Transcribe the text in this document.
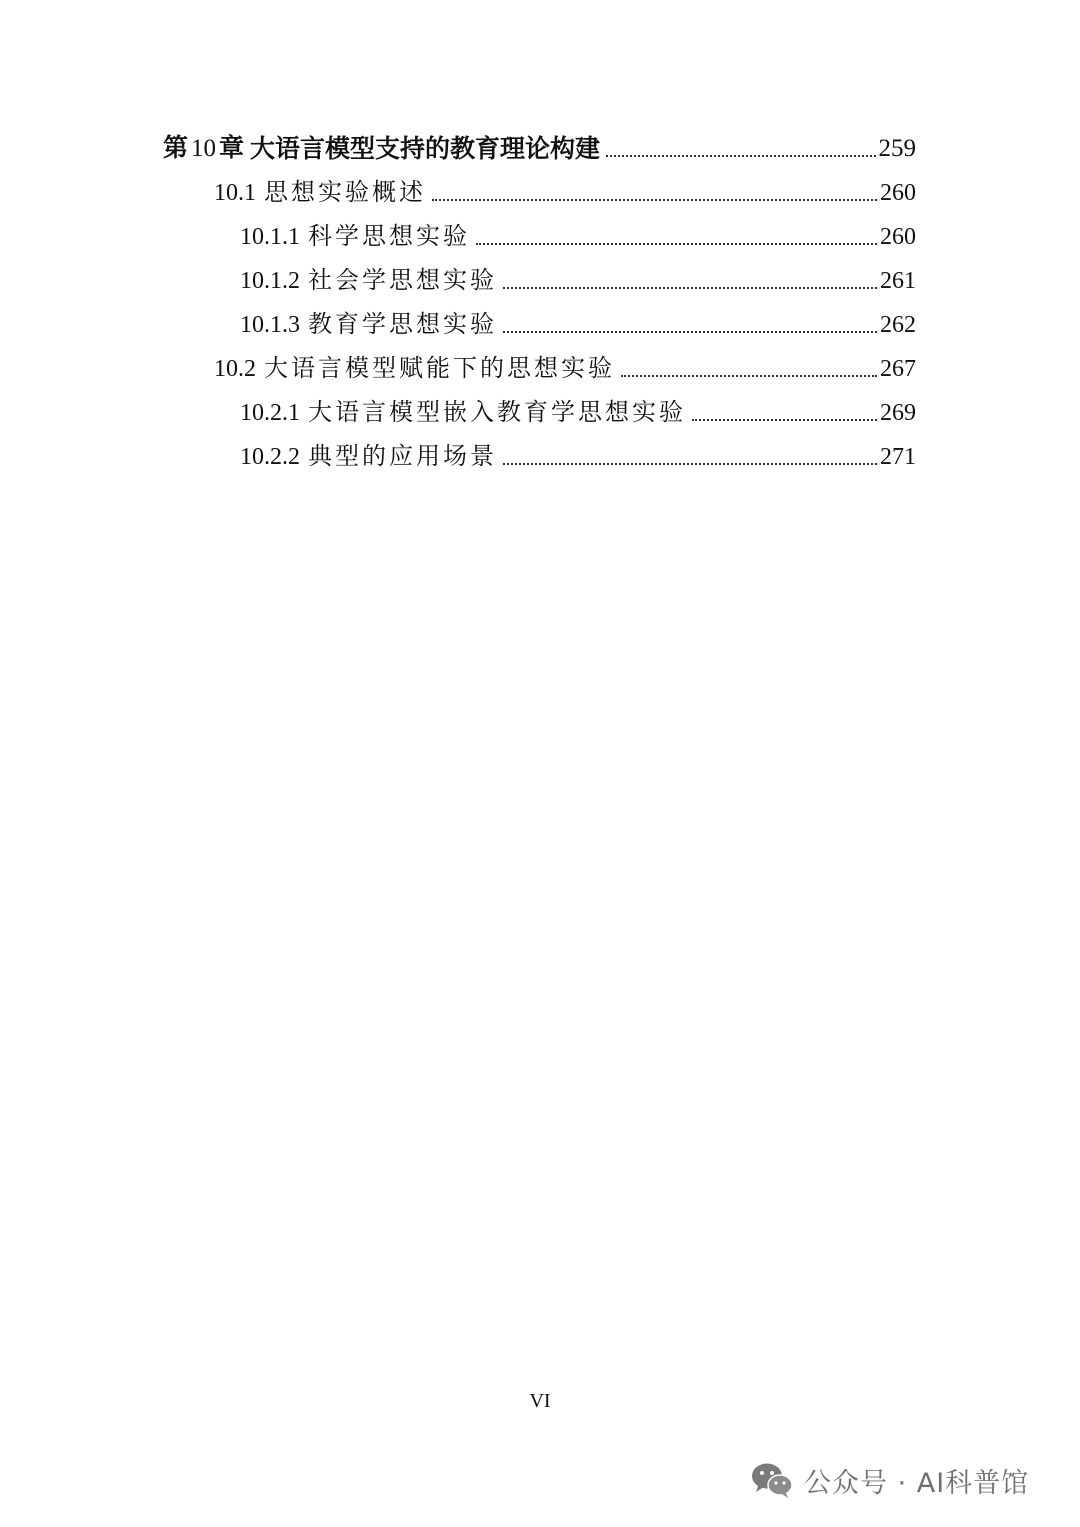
第 10 章 大语言模型支持的教育理论构建	259
10.1 思想实验概述	260
10.1.1 科学思想实验	260
10.1.2 社会学思想实验	261
10.1.3 教育学思想实验	262
10.2 大语言模型赋能下的思想实验	267
10.2.1 大语言模型嵌入教育学思想实验	269
10.2.2 典型的应用场景	271
VI
公众号 · AI科普馆
